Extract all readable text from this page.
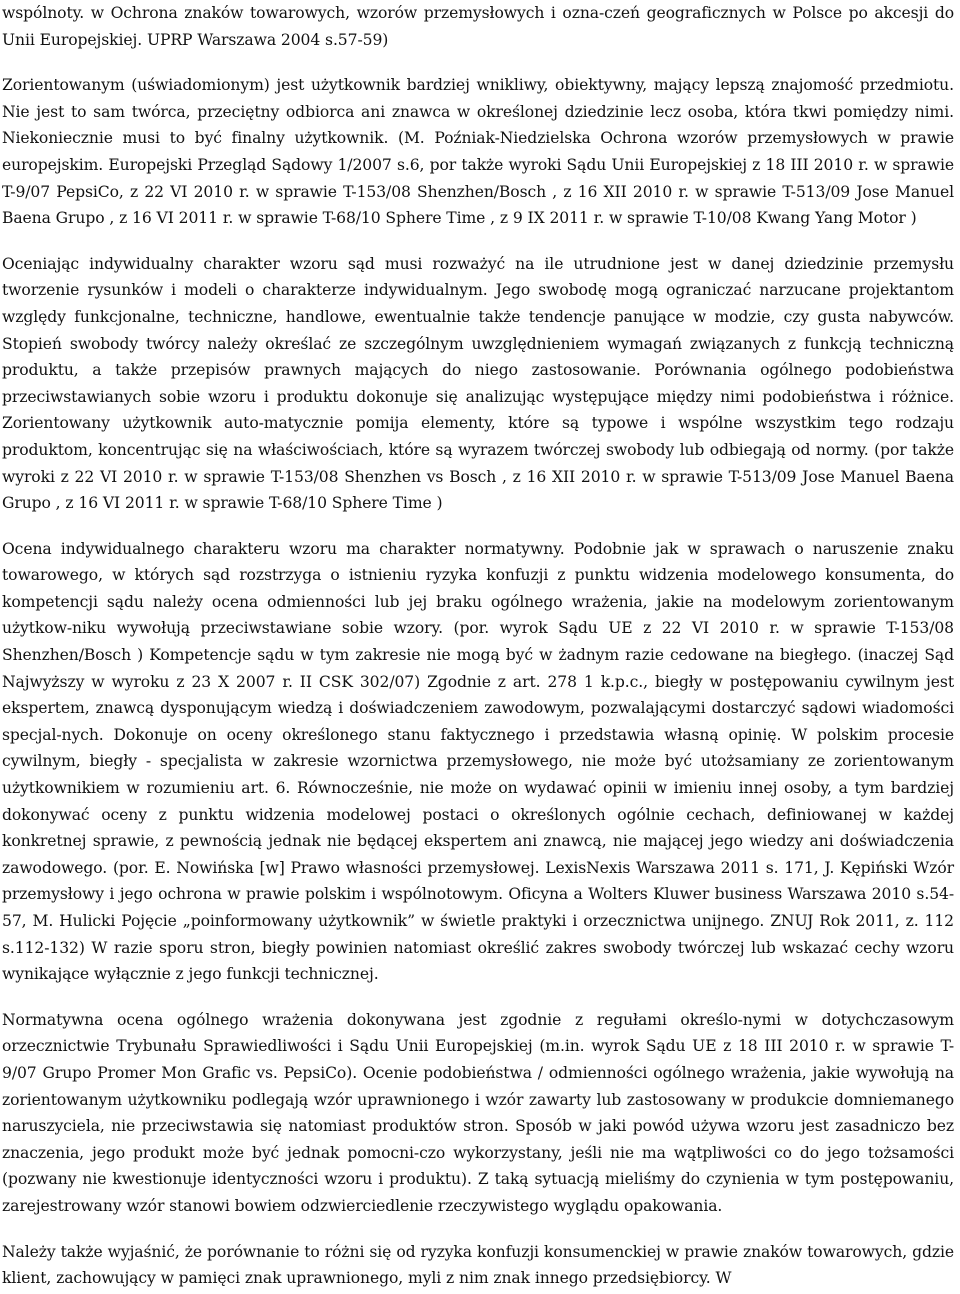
wspólnoty. w Ochrona znaków towarowych, wzorów przemysłowych i ozna-czeń geograficznych w Polsce po akcesji do Unii Europejskiej. UPRP Warszawa 2004 s.57-59)

Zorientowanym (uświadomionym) jest użytkownik bardziej wnikliwy, obiektywny, mający lepszą znajomość przedmiotu. Nie jest to sam twórca, przeciętny odbiorca ani znawca w określonej dziedzinie lecz osoba, która tkwi pomiędzy nimi. Niekoniecznie musi to być finalny użytkownik. (M. Poźniak-Niedzielska Ochrona wzorów przemysłowych w prawie europejskim. Europejski Przegląd Sądowy 1/2007 s.6, por także wyroki Sądu Unii Europejskiej z 18 III 2010 r. w sprawie T-9/07 PepsiCo, z 22 VI 2010 r. w sprawie T-153/08 Shenzhen/Bosch , z 16 XII 2010 r. w sprawie T-513/09 Jose Manuel Baena Grupo , z 16 VI 2011 r. w sprawie T-68/10 Sphere Time , z 9 IX 2011 r. w sprawie T-10/08 Kwang Yang Motor )

Oceniając indywidualny charakter wzoru sąd musi rozważyć na ile utrudnione jest w danej dziedzinie przemysłu tworzenie rysunków i modeli o charakterze indywidualnym. Jego swobodę mogą ograniczać narzucane projektantom względy funkcjonalne, techniczne, handlowe, ewentualnie także tendencje panujące w modzie, czy gusta nabywców. Stopień swobody twórcy należy określać ze szczególnym uwzględnieniem wymagań związanych z funkcją techniczną produktu, a także przepisów prawnych mających do niego zastosowanie. Porównania ogólnego podobieństwa przeciwstawianych sobie wzoru i produktu dokonuje się analizując występujące między nimi podobieństwa i różnice. Zorientowany użytkownik auto-matycznie pomija elementy, które są typowe i wspólne wszystkim tego rodzaju produktom, koncentrując się na właściwościach, które są wyrazem twórczej swobody lub odbiegają od normy. (por także wyroki z 22 VI 2010 r. w sprawie T-153/08 Shenzhen vs Bosch , z 16 XII 2010 r. w sprawie T-513/09 Jose Manuel Baena Grupo , z 16 VI 2011 r. w sprawie T-68/10 Sphere Time )

Ocena indywidualnego charakteru wzoru ma charakter normatywny. Podobnie jak w sprawach o naruszenie znaku towarowego, w których sąd rozstrzyga o istnieniu ryzyka konfuzji z punktu widzenia modelowego konsumenta, do kompetencji sądu należy ocena odmienności lub jej braku ogólnego wrażenia, jakie na modelowym zorientowanym użytkow-niku wywołują przeciwstawiane sobie wzory. (por. wyrok Sądu UE z 22 VI 2010 r. w sprawie T-153/08 Shenzhen/Bosch ) Kompetencje sądu w tym zakresie nie mogą być w żadnym razie cedowane na biegłego. (inaczej Sąd Najwyższy w wyroku z 23 X 2007 r. II CSK 302/07) Zgodnie z art. 278 1 k.p.c., biegły w postępowaniu cywilnym jest ekspertem, znawcą dysponującym wiedzą i doświadczeniem zawodowym, pozwalającymi dostarczyć sądowi wiadomości specjal-nych. Dokonuje on oceny określonego stanu faktycznego i przedstawia własną opinię. W polskim procesie cywilnym, biegły - specjalista w zakresie wzornictwa przemysłowego, nie może być utożsamiany ze zorientowanym użytkownikiem w rozumieniu art. 6. Równocześnie, nie może on wydawać opinii w imieniu innej osoby, a tym bardziej dokonywać oceny z punktu widzenia modelowej postaci o określonych ogólnie cechach, definiowanej w każdej konkretnej sprawie, z pewnością jednak nie będącej ekspertem ani znawcą, nie mającej jego wiedzy ani doświadczenia zawodowego. (por. E. Nowińska [w] Prawo własności przemysłowej. LexisNexis Warszawa 2011 s. 171, J. Kępiński Wzór przemysłowy i jego ochrona w prawie polskim i wspólnotowym. Oficyna a Wolters Kluwer business Warszawa 2010 s.54-57, M. Hulicki Pojęcie „poinformowany użytkownik” w świetle praktyki i orzecznictwa unijnego. ZNUJ Rok 2011, z. 112 s.112-132) W razie sporu stron, biegły powinien natomiast określić zakres swobody twórczej lub wskazać cechy wzoru wynikające wyłącznie z jego funkcji technicznej.

Normatywna ocena ogólnego wrażenia dokonywana jest zgodnie z regułami określo-nymi w dotychczasowym orzecznictwie Trybunału Sprawiedliwości i Sądu Unii Europejskiej (m.in. wyrok Sądu UE z 18 III 2010 r. w sprawie T-9/07 Grupo Promer Mon Grafic vs. PepsiCo). Ocenie podobieństwa / odmienności ogólnego wrażenia, jakie wywołują na zorientowanym użytkowniku podlegają wzór uprawnionego i wzór zawarty lub zastosowany w produkcie domniemanego naruszyciela, nie przeciwstawia się natomiast produktów stron. Sposób w jaki powód używa wzoru jest zasadniczo bez znaczenia, jego produkt może być jednak pomocni-czo wykorzystany, jeśli nie ma wątpliwości co do jego tożsamości (pozwany nie kwestionuje identyczności wzoru i produktu). Z taką sytuacją mieliśmy do czynienia w tym postępowaniu, zarejestrowany wzór stanowi bowiem odzwierciedlenie rzeczywistego wyglądu opakowania.

Należy także wyjaśnić, że porównanie to różni się od ryzyka konfuzji konsumenckiej w prawie znaków towarowych, gdzie klient, zachowujący w pamięci znak uprawnionego, myli z nim znak innego przedsiębiorcy. W
